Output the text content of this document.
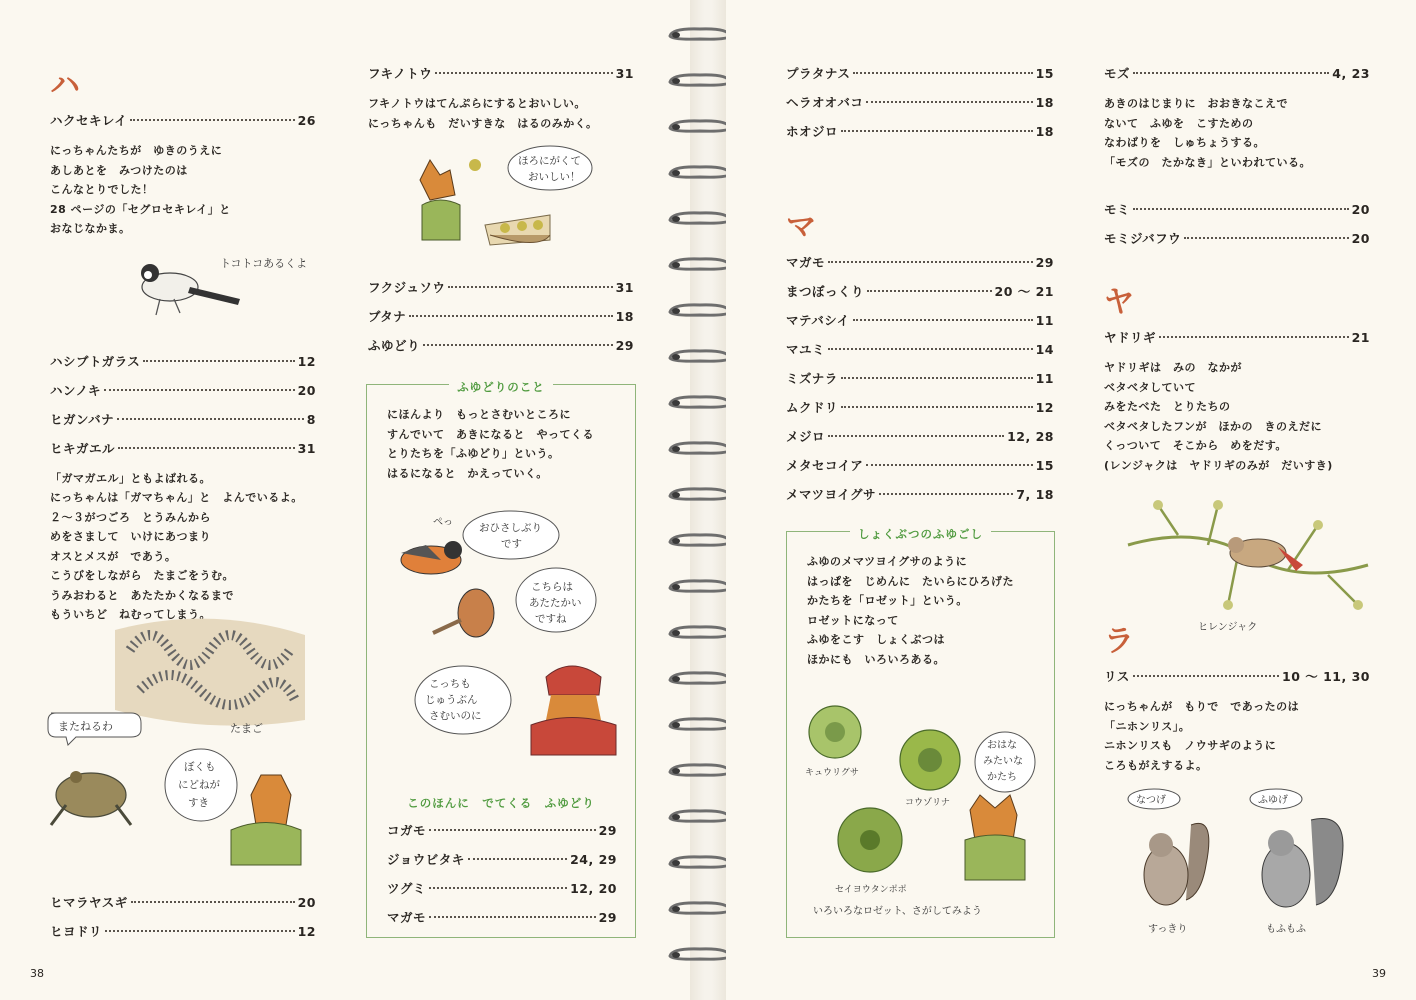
ハ
ハクセキレイ	26
にっちゃんたちが　ゆきのうえに
あしあとを　みつけたのは
こんなとりでした！
28 ページの「セグロセキレイ」と
おなじなかま。
トコトコあるくよ
ハシブトガラス	12
ハンノキ	20
ヒガンバナ	8
ヒキガエル	31
「ガマガエル」ともよばれる。
にっちゃんは「ガマちゃん」と　よんでいるよ。
２～３がつごろ　とうみんから
めをさまして　いけにあつまり
オスとメスが　であう。
こうびをしながら　たまごをうむ。
うみおわると　あたたかくなるまで
もういちど　ねむってしまう。
たまご
またねるわ
ぼくも
にどねが
すき
ヒマラヤスギ	20
ヒヨドリ	12
フキノトウ	31
フキノトウはてんぷらにするとおいしい。
にっちゃんも　だいすきな　はるのみかく。
ほろにがくて
おいしい！
フクジュソウ	31
ブタナ	18
ふゆどり	29
ふゆどりのこと
にほんより　もっとさむいところに
すんでいて　あきになると　やってくる
とりたちを「ふゆどり」という。
はるになると　かえっていく。
ぺっ おひさしぶり
です
こちらは
あたたかい
ですね
こっちも
じゅうぶん
さむいのに
このほんに　でてくる　ふゆどり
コガモ	29
ジョウビタキ	24, 29
ツグミ	12, 20
マガモ	29
38
プラタナス	15
ヘラオオバコ	18
ホオジロ	18
マ
マガモ	29
まつぼっくり	20 ～ 21
マテバシイ	11
マユミ	14
ミズナラ	11
ムクドリ	12
メジロ	12, 28
メタセコイア	15
メマツヨイグサ	7, 18
しょくぶつのふゆごし
ふゆのメマツヨイグサのように
はっぱを　じめんに　たいらにひろげた
かたちを「ロゼット」という。
ロゼットになって
ふゆをこす　しょくぶつは
ほかにも　いろいろある。
キュウリグサ
コウゾリナ
セイヨウタンポポ
おはな
みたいな
かたち
いろいろなロゼット、さがしてみよう
モズ	4, 23
あきのはじまりに　おおきなこえで
ないて　ふゆを　こすための
なわばりを　しゅちょうする。
「モズの　たかなき」といわれている。
モミ	20
モミジバフウ	20
ヤ
ヤドリギ	21
ヤドリギは　みの　なかが
ベタベタしていて
みをたべた　とりたちの
ベタベタしたフンが　ほかの　きのえだに
くっついて　そこから　めをだす。
(レンジャクは　ヤドリギのみが　だいすき)
ヒレンジャク
ラ
リス	10 ～ 11, 30
にっちゃんが　もりで　であったのは
「ニホンリス」。
ニホンリスも　ノウサギのように
ころもがえするよ。
なつげ	ふゆげ
すっきり	もふもふ
39
